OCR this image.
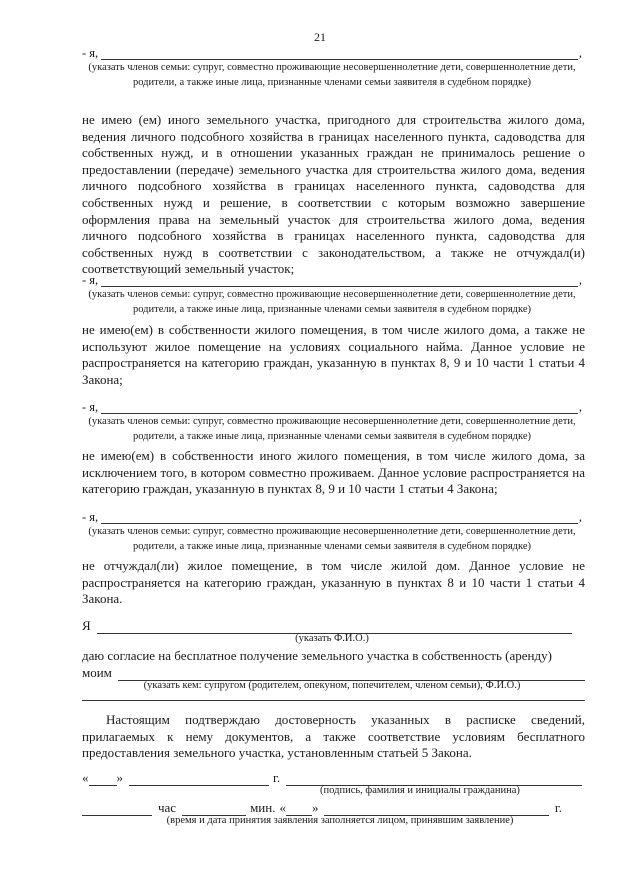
21
- я,	,
(указать членов семьи: супруг, совместно проживающие несовершеннолетние дети, совершеннолетние дети,
родители, а также иные лица, признанные членами семьи заявителя в судебном порядке)

не имею (ем) иного земельного участка, пригодного для строительства жилого дома, ведения личного подсобного хозяйства в границах населенного пункта, садоводства для собственных нужд, и в отношении указанных граждан не принималось решение о предоставлении (передаче) земельного участка для строительства жилого дома, ведения личного подсобного хозяйства в границах населенного пункта, садоводства для собственных нужд и решение, в соответствии с которым возможно завершение оформления права на земельный участок для строительства жилого дома, ведения личного подсобного хозяйства в границах населенного пункта, садоводства для собственных нужд в соответствии с законодательством, а также не отчуждал(и) соответствующий земельный участок;

- я,	,
(указать членов семьи: супруг, совместно проживающие несовершеннолетние дети, совершеннолетние дети,
родители, а также иные лица, признанные членами семьи заявителя в судебном порядке)

не имею(ем) в собственности жилого помещения, в том числе жилого дома, а также не используют жилое помещение на условиях социального найма. Данное условие не распространяется на категорию граждан, указанную в пунктах 8, 9 и 10 части 1 статьи 4 Закона;

- я,	,
(указать членов семьи: супруг, совместно проживающие несовершеннолетние дети, совершеннолетние дети,
родители, а также иные лица, признанные членами семьи заявителя в судебном порядке)

не имею(ем) в собственности иного жилого помещения, в том числе жилого дома, за исключением того, в котором совместно проживаем. Данное условие распространяется на категорию граждан, указанную в пунктах 8, 9 и 10 части 1 статьи 4 Закона;

- я,	,
(указать членов семьи: супруг, совместно проживающие несовершеннолетние дети, совершеннолетние дети,
родители, а также иные лица, признанные членами семьи заявителя в судебном порядке)

не отчуждал(ли) жилое помещение, в том числе жилой дом. Данное условие не распространяется на категорию граждан, указанную в пунктах 8 и 10 части 1 статьи 4 Закона.

Я
(указать Ф.И.О.)
даю согласие на бесплатное получение земельного участка в собственность (аренду)
моим
(указать кем: супругом (родителем, опекуном, попечителем, членом семьи), Ф.И.О.)

Настоящим подтверждаю достоверность указанных в расписке сведений, прилагаемых к нему документов, а также соответствие условиям бесплатного предоставления земельного участка, установленным статьей 5 Закона.

« »	г.
(подпись, фамилия и инициалы гражданина)
час	мин. « »	г.
(время и дата принятия заявления заполняется лицом, принявшим заявление)
